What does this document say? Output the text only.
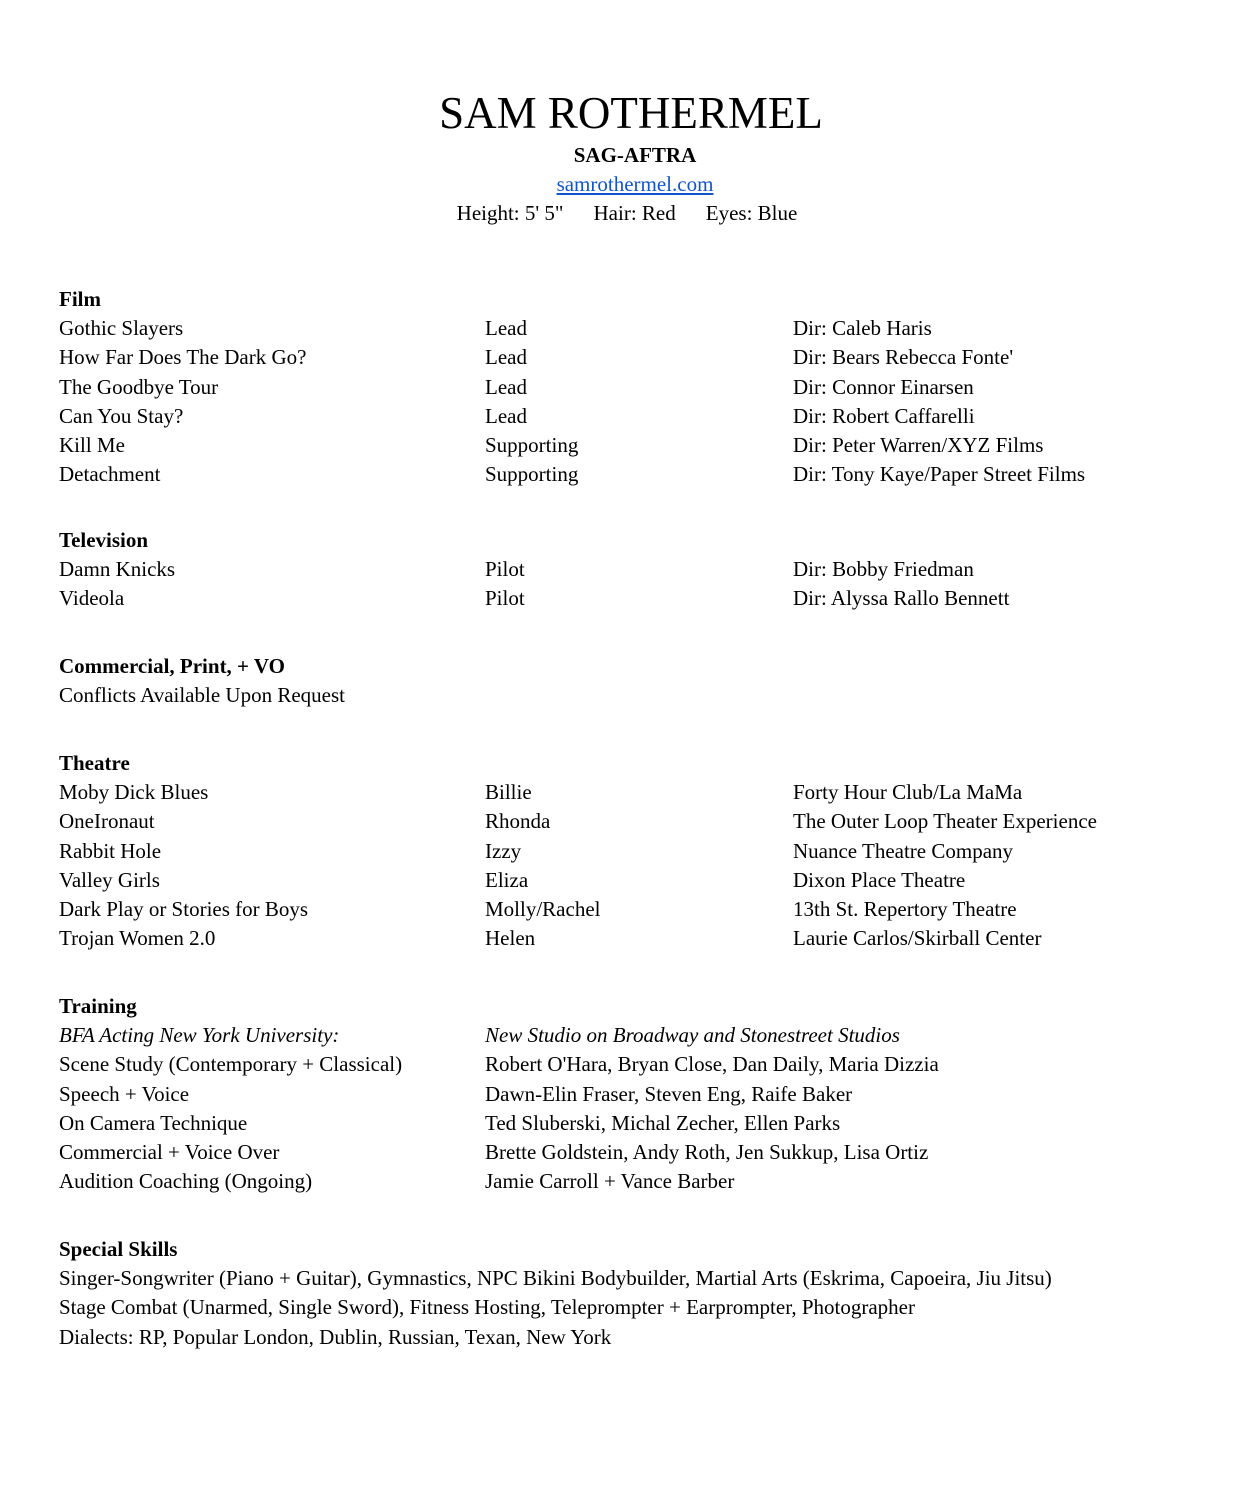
SAM ROTHERMEL
SAG-AFTRA
samrothermel.com
Height: 5' 5" Hair: Red Eyes: Blue
Film
Gothic Slayers	Lead	Dir: Caleb Haris
How Far Does The Dark Go?	Lead	Dir: Bears Rebecca Fonte'
The Goodbye Tour	Lead	Dir: Connor Einarsen
Can You Stay?	Lead	Dir: Robert Caffarelli
Kill Me	Supporting	Dir: Peter Warren/XYZ Films
Detachment	Supporting	Dir: Tony Kaye/Paper Street Films
Television
Damn Knicks	Pilot	Dir: Bobby Friedman
Videola	Pilot	Dir: Alyssa Rallo Bennett
Commercial, Print, + VO
Conflicts Available Upon Request
Theatre
Moby Dick Blues	Billie	Forty Hour Club/La MaMa
OneIronaut	Rhonda	The Outer Loop Theater Experience
Rabbit Hole	Izzy	Nuance Theatre Company
Valley Girls	Eliza	Dixon Place Theatre
Dark Play or Stories for Boys	Molly/Rachel	13th St. Repertory Theatre
Trojan Women 2.0	Helen	Laurie Carlos/Skirball Center
Training
BFA Acting New York University:	New Studio on Broadway and Stonestreet Studios
Scene Study (Contemporary + Classical)	Robert O'Hara, Bryan Close, Dan Daily, Maria Dizzia
Speech + Voice	Dawn-Elin Fraser, Steven Eng, Raife Baker
On Camera Technique	Ted Sluberski, Michal Zecher, Ellen Parks
Commercial + Voice Over	Brette Goldstein, Andy Roth, Jen Sukkup, Lisa Ortiz
Audition Coaching (Ongoing)	Jamie Carroll + Vance Barber
Special Skills
Singer-Songwriter (Piano + Guitar), Gymnastics, NPC Bikini Bodybuilder, Martial Arts (Eskrima, Capoeira, Jiu Jitsu)
Stage Combat (Unarmed, Single Sword), Fitness Hosting, Teleprompter + Earprompter, Photographer
Dialects: RP, Popular London, Dublin, Russian, Texan, New York
